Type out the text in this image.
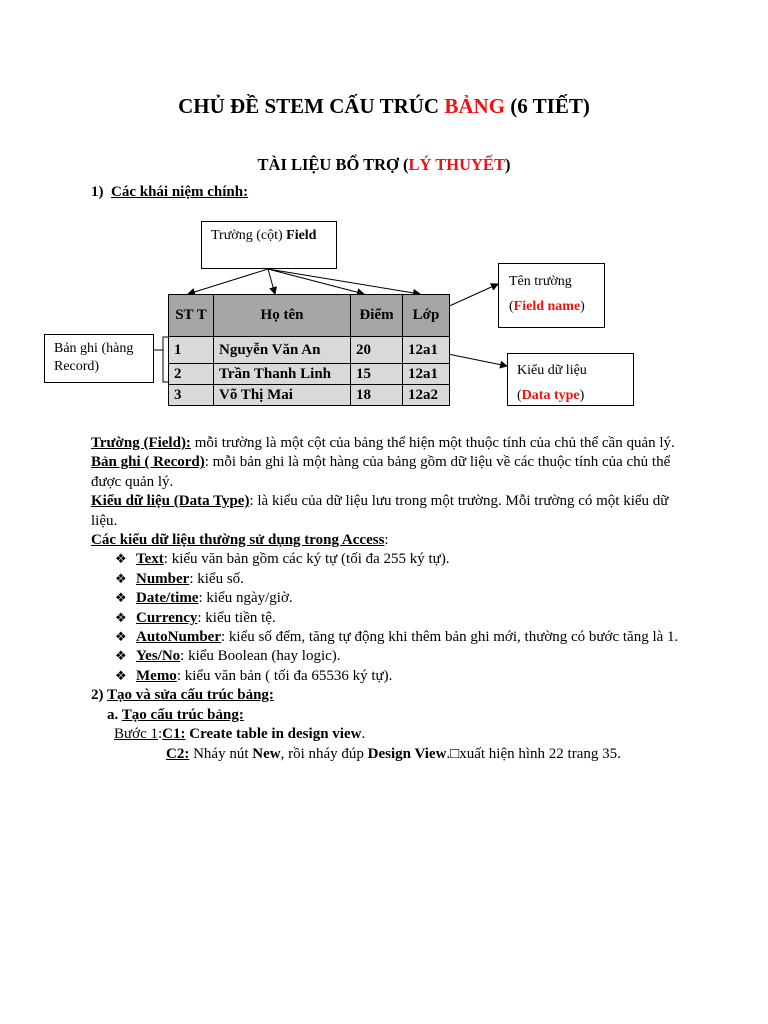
CHỦ ĐỀ STEM CẤU TRÚC BẢNG (6 TIẾT)
TÀI LIỆU BỔ TRỢ (LÝ THUYẾT)
1) Các khái niệm chính:
Trường (cột) Field
Tên trường
(Field name)
Bản ghi (hàng Record)	Kiểu dữ liệu
(Data type)
ST T	Họ tên	Điểm	Lớp
1	Nguyễn Văn An	20	12a1
2	Trần Thanh Linh	15	12a1
3	Võ Thị Mai	18	12a2

Trường (Field): mỗi trường là một cột của bảng thể hiện một thuộc tính của chủ thể cần quản lý.

Bản ghi ( Record): mỗi bản ghi là một hàng của bảng gồm dữ liệu về các thuộc tính của chủ thể được quản lý.

Kiểu dữ liệu (Data Type): là kiểu của dữ liệu lưu trong một trường. Mỗi trường có một kiểu dữ liệu.

Các kiểu dữ liệu thường sử dụng trong Access:

❖ Text: kiểu văn bản gồm các ký tự (tối đa 255 ký tự).
❖ Number: kiểu số.
❖ Date/time: kiểu ngày/giờ.
❖ Currency: kiểu tiền tệ.
❖ AutoNumber: kiểu số đếm, tăng tự động khi thêm bản ghi mới, thường có bước tăng là 1.
❖ Yes/No: kiểu Boolean (hay logic).
❖ Memo: kiểu văn bản ( tối đa 65536 ký tự).

2) Tạo và sửa cấu trúc bảng:

a. Tạo cấu trúc bảng:

Bước 1:C1: Create table in design view.

C2: Nháy nút New, rồi nháy đúp Design View.□xuất hiện hình 22 trang 35.
